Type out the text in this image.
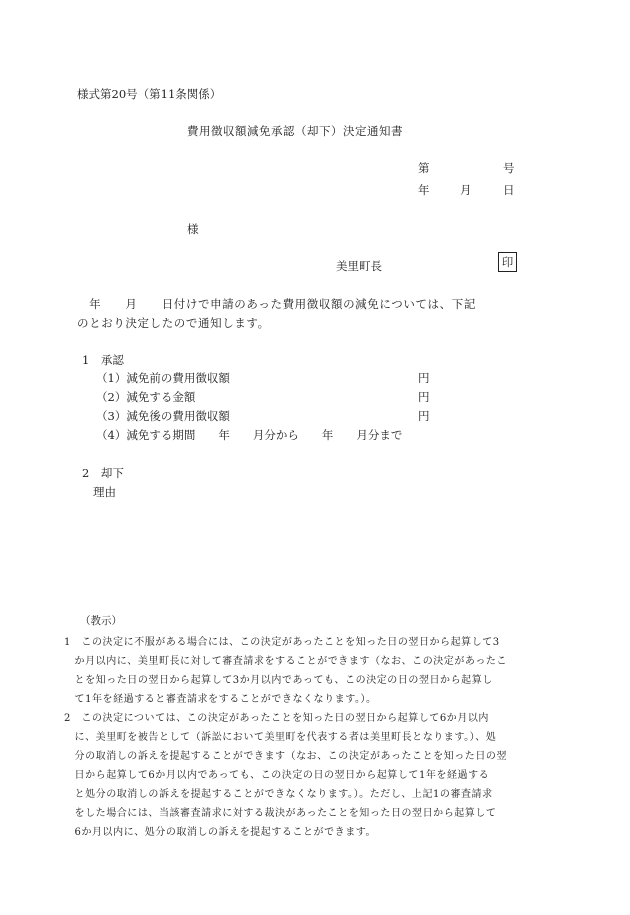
様式第20号（第11条関係）
費用徴収額減免承認（却下）決定通知書
第	号
年	月	日
様
美里町長	印
　年　　月　　日付けで申請のあった費用徴収額の減免については、下記
のとおり決定したので通知します。
1　承認
（1）減免前の費用徴収額	円
（2）減免する金額	円
（3）減免後の費用徴収額	円
（4）減免する期間　　年　　月分から　　年　　月分まで
2　却下
理由
（教示）
1　この決定に不服がある場合には、この決定があったことを知った日の翌日から起算して3
　か月以内に、美里町長に対して審査請求をすることができます（なお、この決定があったこ
　とを知った日の翌日から起算して3か月以内であっても、この決定の日の翌日から起算し
　て1年を経過すると審査請求をすることができなくなります。）。
2　この決定については、この決定があったことを知った日の翌日から起算して6か月以内
　に、美里町を被告として（訴訟において美里町を代表する者は美里町長となります。）、処
　分の取消しの訴えを提起することができます（なお、この決定があったことを知った日の翌
　日から起算して6か月以内であっても、この決定の日の翌日から起算して1年を経過する
　と処分の取消しの訴えを提起することができなくなります。）。ただし、上記1の審査請求
　をした場合には、当該審査請求に対する裁決があったことを知った日の翌日から起算して
　6か月以内に、処分の取消しの訴えを提起することができます。
